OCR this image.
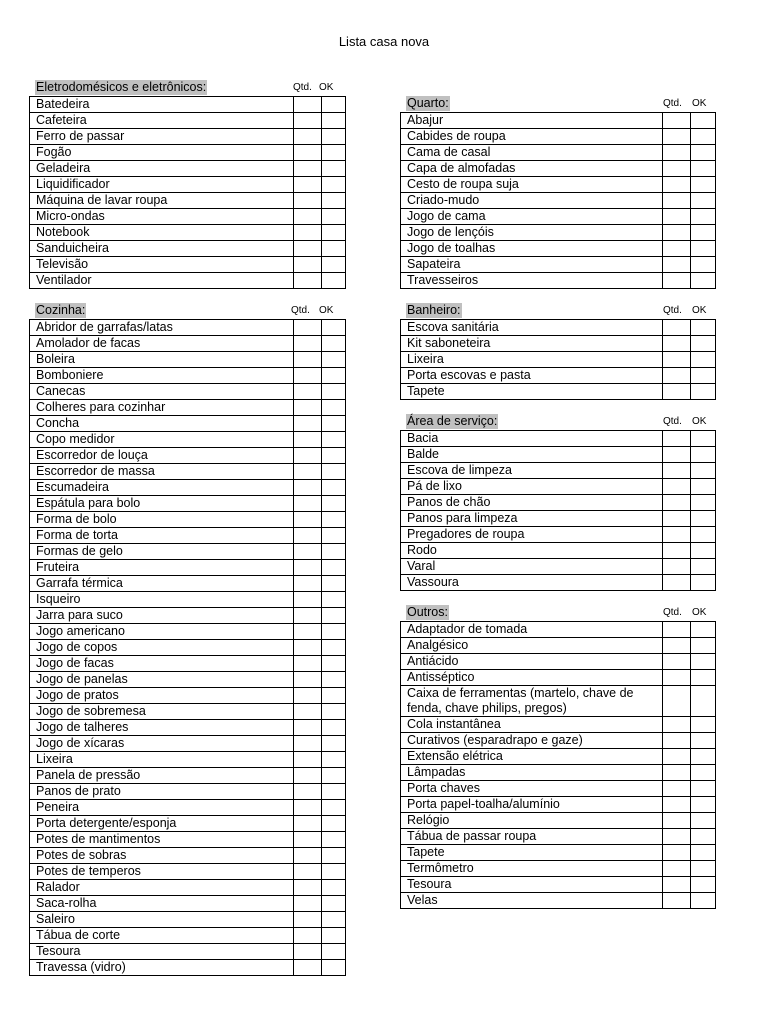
Lista casa nova
Eletrodomésicos e eletrônicos:	Qtd. OK
Batedeira		
Cafeteira		
Ferro de passar		
Fogão		
Geladeira		
Liquidificador		
Máquina de lavar roupa		
Micro-ondas		
Notebook		
Sanduicheira		
Televisão		
Ventilador		
Cozinha:	Qtd. OK
Abridor de garrafas/latas		
Amolador de facas		
Boleira		
Bomboniere		
Canecas		
Colheres para cozinhar		
Concha		
Copo medidor		
Escorredor de louça		
Escorredor de massa		
Escumadeira		
Espátula para bolo		
Forma de bolo		
Forma de torta		
Formas de gelo		
Fruteira		
Garrafa térmica		
Isqueiro		
Jarra para suco		
Jogo americano		
Jogo de copos		
Jogo de facas		
Jogo de panelas		
Jogo de pratos		
Jogo de sobremesa		
Jogo de talheres		
Jogo de xícaras		
Lixeira		
Panela de pressão		
Panos de prato		
Peneira		
Porta detergente/esponja		
Potes de mantimentos		
Potes de sobras		
Potes de temperos		
Ralador		
Saca-rolha		
Saleiro		
Tábua de corte		
Tesoura		
Travessa (vidro)		
Quarto:	Qtd. OK
Abajur		
Cabides de roupa		
Cama de casal		
Capa de almofadas		
Cesto de roupa suja		
Criado-mudo		
Jogo de cama		
Jogo de lençóis		
Jogo de toalhas		
Sapateira		
Travesseiros		
Banheiro:	Qtd. OK
Escova sanitária		
Kit saboneteira		
Lixeira		
Porta escovas e pasta		
Tapete		
Área de serviço:	Qtd. OK
Bacia		
Balde		
Escova de limpeza		
Pá de lixo		
Panos de chão		
Panos para limpeza		
Pregadores de roupa		
Rodo		
Varal		
Vassoura		
Outros:	Qtd. OK
Adaptador de tomada		
Analgésico		
Antiácido		
Antisséptico		
Caixa de ferramentas (martelo, chave de fenda, chave philips, pregos)		
Cola instantânea		
Curativos (esparadrapo e gaze)		
Extensão elétrica		
Lâmpadas		
Porta chaves		
Porta papel-toalha/alumínio		
Relógio		
Tábua de passar roupa		
Tapete		
Termômetro		
Tesoura		
Velas		
